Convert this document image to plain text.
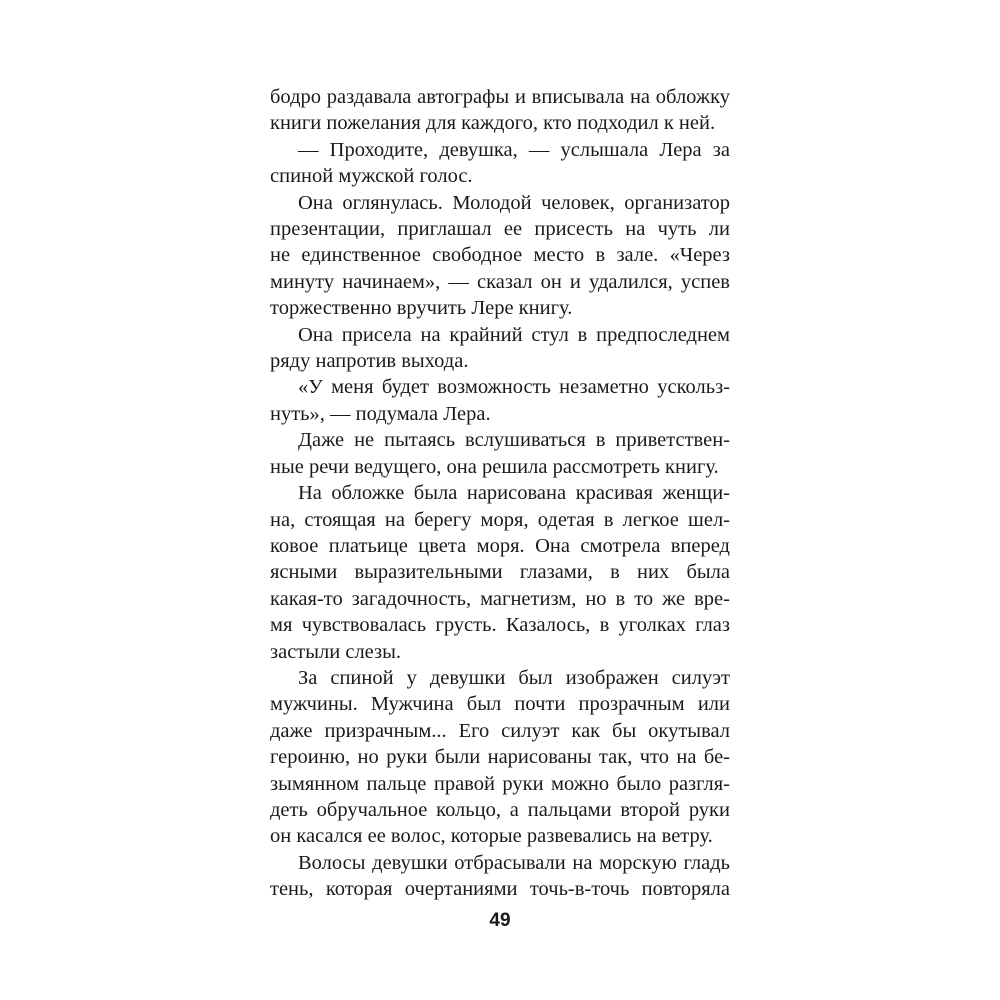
бодро раздавала автографы и вписывала на обложку
книги пожелания для каждого, кто подходил к ней.
— Проходите, девушка, — услышала Лера за
спиной мужской голос.
Она оглянулась. Молодой человек, организатор
презентации, приглашал ее присесть на чуть ли
не единственное свободное место в зале. «Через
минуту начинаем», — сказал он и удалился, успев
торжественно вручить Лере книгу.
Она присела на крайний стул в предпоследнем
ряду напротив выхода.
«У меня будет возможность незаметно ускольз-
нуть», — подумала Лера.
Даже не пытаясь вслушиваться в приветствен-
ные речи ведущего, она решила рассмотреть книгу.
На обложке была нарисована красивая женщи-
на, стоящая на берегу моря, одетая в легкое шел-
ковое платьице цвета моря. Она смотрела вперед
ясными выразительными глазами, в них была
какая-то загадочность, магнетизм, но в то же вре-
мя чувствовалась грусть. Казалось, в уголках глаз
застыли слезы.
За спиной у девушки был изображен силуэт
мужчины. Мужчина был почти прозрачным или
даже призрачным... Его силуэт как бы окутывал
героиню, но руки были нарисованы так, что на бе-
зымянном пальце правой руки можно было разгля-
деть обручальное кольцо, а пальцами второй руки
он касался ее волос, которые развевались на ветру.
Волосы девушки отбрасывали на морскую гладь
тень, которая очертаниями точь-в-точь повторяла
49
